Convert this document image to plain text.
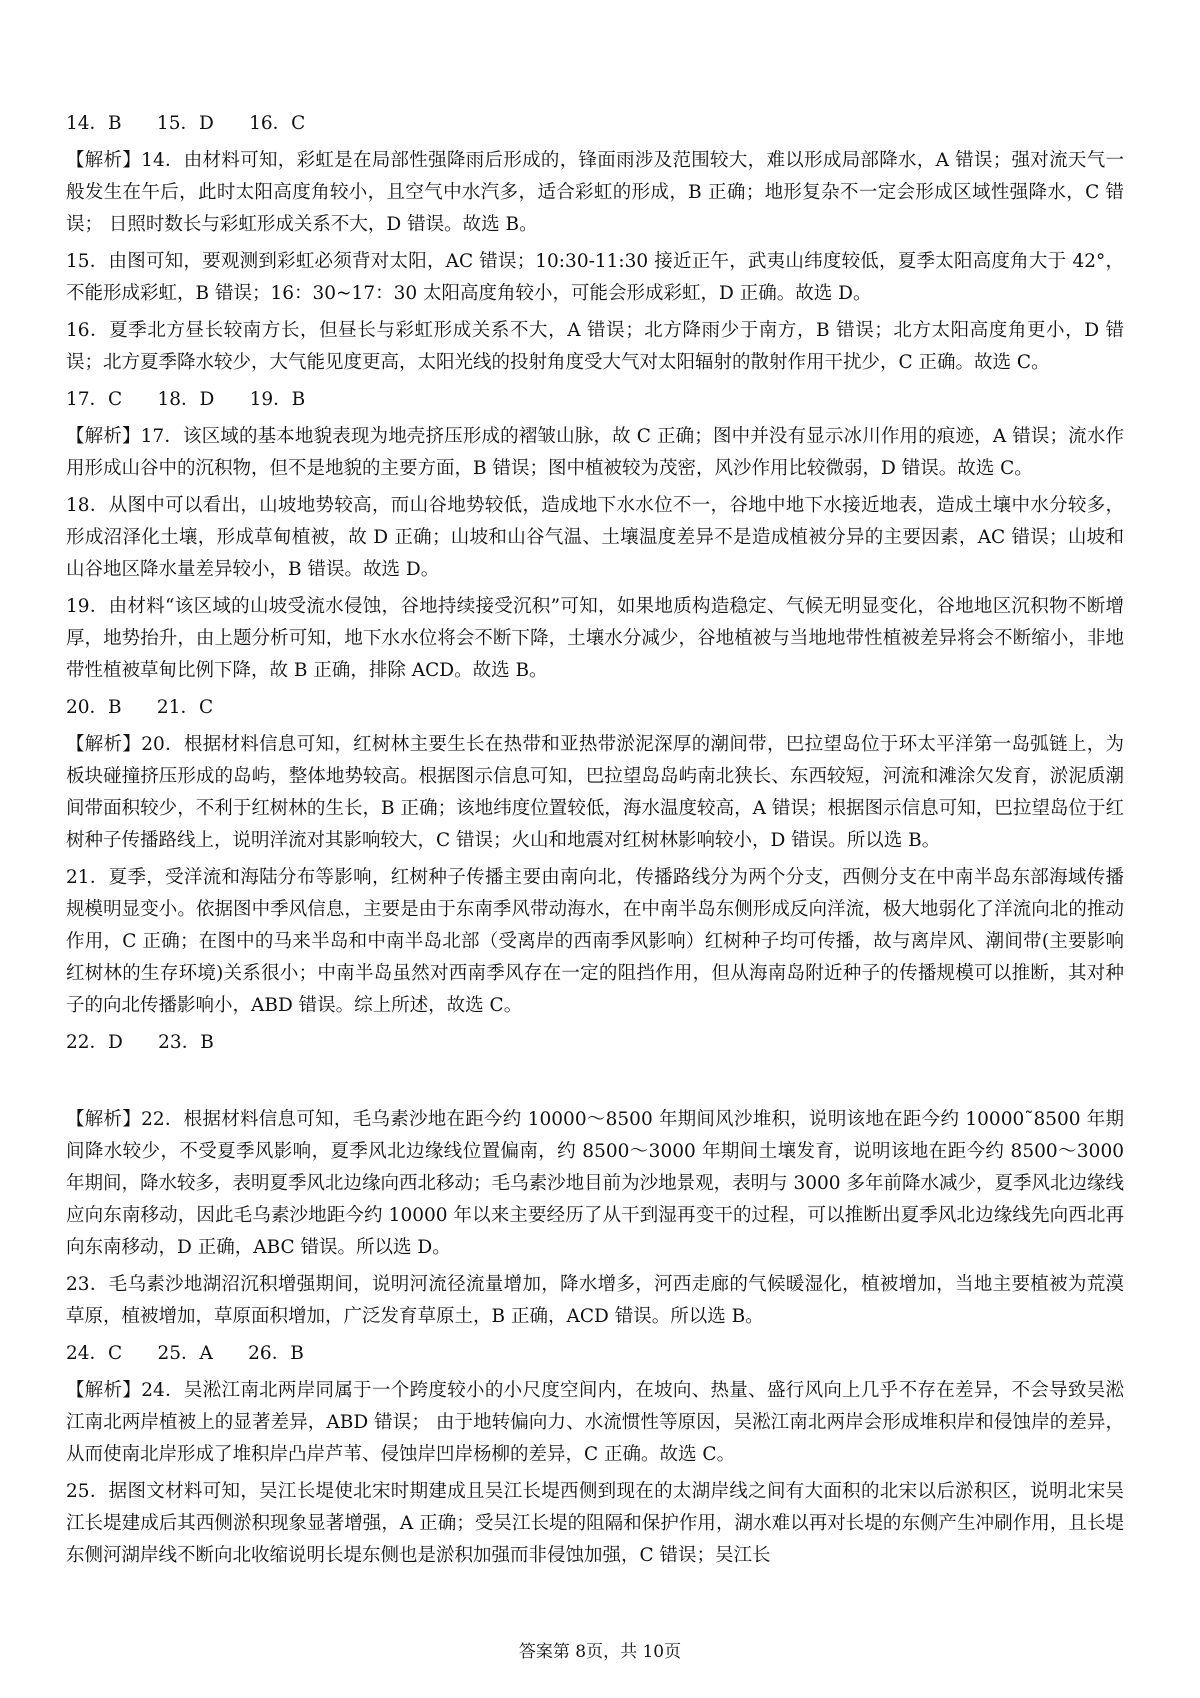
14．B      15．D      16．C
【解析】14．由材料可知，彩虹是在局部性强降雨后形成的，锋面雨涉及范围较大，难以形成局部降水，A 错误；强对流天气一般发生在午后，此时太阳高度角较小，且空气中水汽多，适合彩虹的形成，B 正确；地形复杂不一定会形成区域性强降水，C 错误； 日照时数长与彩虹形成关系不大，D 错误。故选 B。
15．由图可知，要观测到彩虹必须背对太阳，AC 错误；10:30-11:30 接近正午，武夷山纬度较低，夏季太阳高度角大于 42°， 不能形成彩虹，B 错误；16：30~17：30 太阳高度角较小，可能会形成彩虹，D 正确。故选 D。
16．夏季北方昼长较南方长，但昼长与彩虹形成关系不大，A 错误；北方降雨少于南方，B 错误；北方太阳高度角更小，D 错误；北方夏季降水较少，大气能见度更高，太阳光线的投射角度受大气对太阳辐射的散射作用干扰少，C 正确。故选 C。
17．C      18．D      19．B
【解析】17．该区域的基本地貌表现为地壳挤压形成的褶皱山脉，故 C 正确；图中并没有显示冰川作用的痕迹，A 错误；流水作用形成山谷中的沉积物，但不是地貌的主要方面，B 错误；图中植被较为茂密，风沙作用比较微弱，D 错误。故选 C。
18．从图中可以看出，山坡地势较高，而山谷地势较低，造成地下水水位不一，谷地中地下水接近地表，造成土壤中水分较多，形成沼泽化土壤，形成草甸植被，故 D 正确；山坡和山谷气温、土壤温度差异不是造成植被分异的主要因素，AC 错误；山坡和山谷地区降水量差异较小，B 错误。故选 D。
19．由材料“该区域的山坡受流水侵蚀，谷地持续接受沉积”可知，如果地质构造稳定、气候无明显变化，谷地地区沉积物不断增厚，地势抬升，由上题分析可知，地下水水位将会不断下降，土壤水分减少，谷地植被与当地地带性植被差异将会不断缩小，非地带性植被草甸比例下降，故 B 正确，排除 ACD。故选 B。
20．B      21．C
【解析】20．根据材料信息可知，红树林主要生长在热带和亚热带淤泥深厚的潮间带，巴拉望岛位于环太平洋第一岛弧链上，为板块碰撞挤压形成的岛屿，整体地势较高。根据图示信息可知，巴拉望岛岛屿南北狭长、东西较短，河流和滩涂欠发育，淤泥质潮间带面积较少，不利于红树林的生长，B 正确；该地纬度位置较低，海水温度较高，A 错误；根据图示信息可知，巴拉望岛位于红树种子传播路线上，说明洋流对其影响较大，C 错误；火山和地震对红树林影响较小，D 错误。所以选 B。
21．夏季，受洋流和海陆分布等影响，红树种子传播主要由南向北，传播路线分为两个分支，西侧分支在中南半岛东部海域传播规模明显变小。依据图中季风信息，主要是由于东南季风带动海水，在中南半岛东侧形成反向洋流，极大地弱化了洋流向北的推动作用，C 正确；在图中的马来半岛和中南半岛北部（受离岸的西南季风影响）红树种子均可传播，故与离岸风、潮间带(主要影响红树林的生存环境)关系很小；中南半岛虽然对西南季风存在一定的阻挡作用，但从海南岛附近种子的传播规模可以推断，其对种子的向北传播影响小，ABD 错误。综上所述，故选 C。
22．D      23．B
【解析】22．根据材料信息可知，毛乌素沙地在距今约 10000～8500 年期间风沙堆积，说明该地在距今约 10000˜8500 年期间降水较少，不受夏季风影响，夏季风北边缘线位置偏南，约 8500～3000 年期间土壤发育，说明该地在距今约 8500～3000 年期间，降水较多，表明夏季风北边缘向西北移动；毛乌素沙地目前为沙地景观，表明与 3000 多年前降水减少，夏季风北边缘线应向东南移动，因此毛乌素沙地距今约 10000 年以来主要经历了从干到湿再变干的过程，可以推断出夏季风北边缘线先向西北再向东南移动，D 正确，ABC 错误。所以选 D。
23．毛乌素沙地湖沼沉积增强期间，说明河流径流量增加，降水增多，河西走廊的气候暖湿化，植被增加，当地主要植被为荒漠草原，植被增加，草原面积增加，广泛发育草原土，B 正确，ACD 错误。所以选 B。
24．C      25．A      26．B
【解析】24．吴淞江南北两岸同属于一个跨度较小的小尺度空间内，在坡向、热量、盛行风向上几乎不存在差异，不会导致吴淞江南北两岸植被上的显著差异，ABD 错误； 由于地转偏向力、水流惯性等原因，吴淞江南北两岸会形成堆积岸和侵蚀岸的差异，从而使南北岸形成了堆积岸凸岸芦苇、侵蚀岸凹岸杨柳的差异，C 正确。故选 C。
25．据图文材料可知，吴江长堤使北宋时期建成且吴江长堤西侧到现在的太湖岸线之间有大面积的北宋以后淤积区，说明北宋吴江长堤建成后其西侧淤积现象显著增强，A 正确；受吴江长堤的阻隔和保护作用，湖水难以再对长堤的东侧产生冲刷作用，且长堤东侧河湖岸线不断向北收缩说明长堤东侧也是淤积加强而非侵蚀加强，C 错误；吴江长
答案第 8页，共 10页
